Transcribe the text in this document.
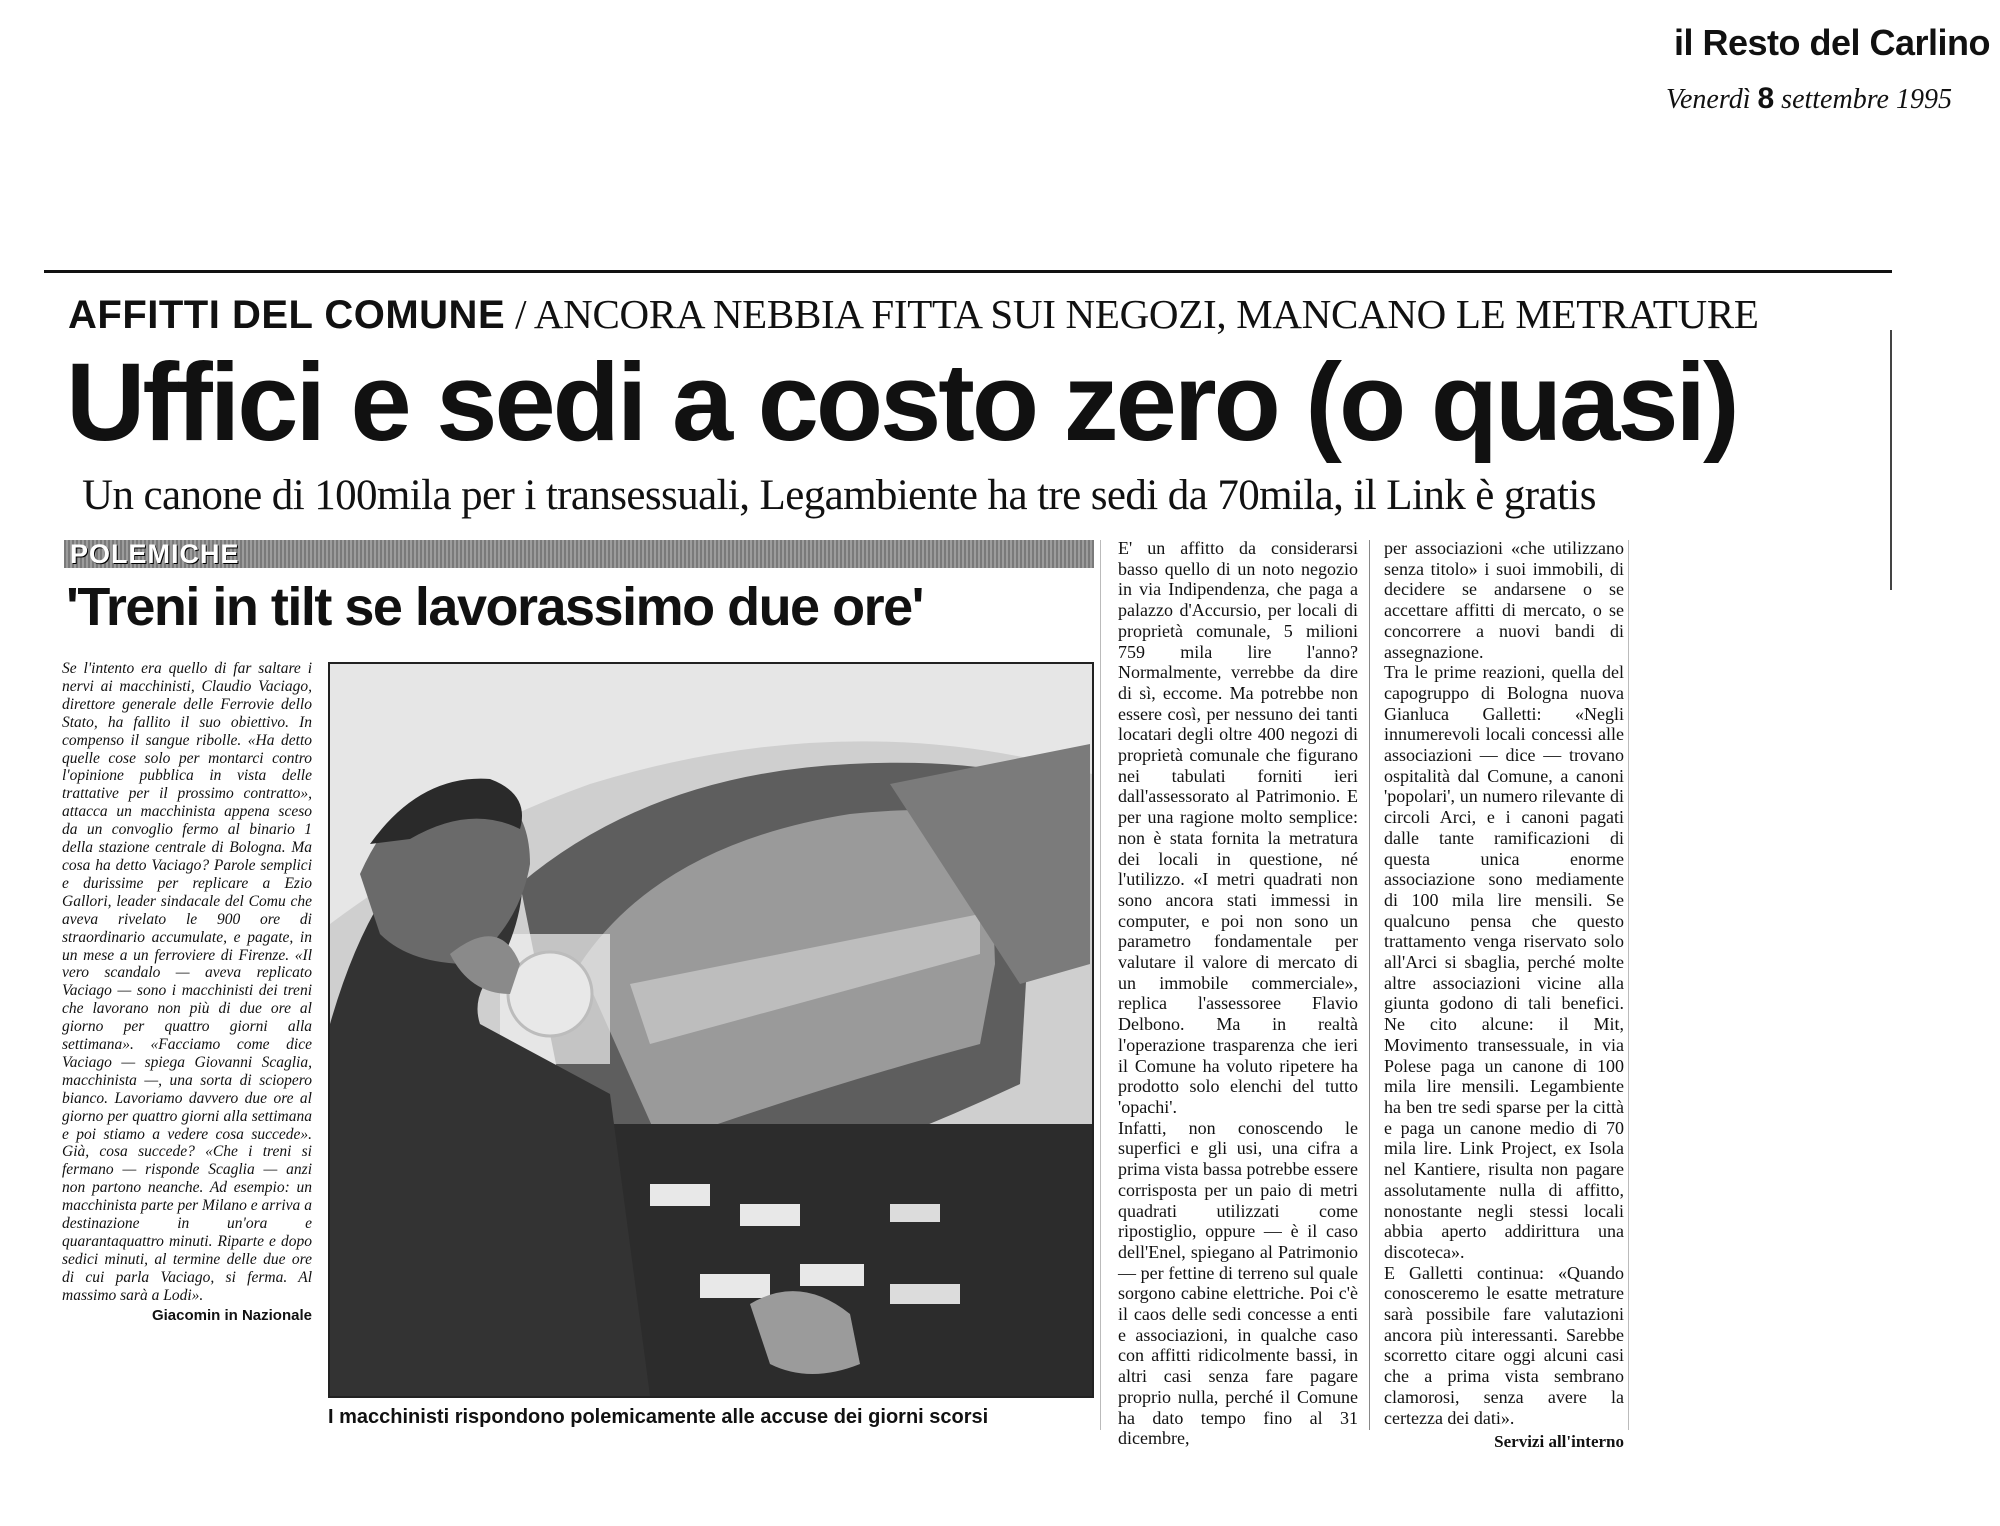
il Resto del Carlino
Venerdì 8 settembre 1995
AFFITTI DEL COMUNE / ANCORA NEBBIA FITTA SUI NEGOZI, MANCANO LE METRATURE
Uffici e sedi a costo zero (o quasi)
Un canone di 100mila per i transessuali, Legambiente ha tre sedi da 70mila, il Link è gratis
POLEMICHE
'Treni in tilt se lavorassimo due ore'
Se l'intento era quello di far saltare i nervi ai macchinisti, Claudio Vaciago, direttore generale delle Ferrovie dello Stato, ha fallito il suo obiettivo. In compenso il sangue ribolle. «Ha detto quelle cose solo per montarci contro l'opinione pubblica in vista delle trattative per il prossimo contratto», attacca un macchinista appena sceso da un convoglio fermo al binario 1 della stazione centrale di Bologna. Ma cosa ha detto Vaciago? Parole semplici e durissime per replicare a Ezio Gallori, leader sindacale del Comu che aveva rivelato le 900 ore di straordinario accumulate, e pagate, in un mese a un ferroviere di Firenze. «Il vero scandalo — aveva replicato Vaciago — sono i macchinisti dei treni che lavorano non più di due ore al giorno per quattro giorni alla settimana». «Facciamo come dice Vaciago — spiega Giovanni Scaglia, macchinista —, una sorta di sciopero bianco. Lavoriamo davvero due ore al giorno per quattro giorni alla settimana e poi stiamo a vedere cosa succede». Già, cosa succede? «Che i treni si fermano — risponde Scaglia — anzi non partono neanche. Ad esempio: un macchinista parte per Milano e arriva a destinazione in un'ora e quarantaquattro minuti. Riparte e dopo sedici minuti, al termine delle due ore di cui parla Vaciago, si ferma. Al massimo sarà a Lodi».
Giacomin in Nazionale
I macchinisti rispondono polemicamente alle accuse dei giorni scorsi

E' un affitto da considerarsi basso quello di un noto negozio in via Indipendenza, che paga a palazzo d'Accursio, per locali di proprietà comunale, 5 milioni 759 mila lire l'anno? Normalmente, verrebbe da dire di sì, eccome. Ma potrebbe non essere così, per nessuno dei tanti locatari degli oltre 400 negozi di proprietà comunale che figurano nei tabulati forniti ieri dall'assessorato al Patrimonio. E per una ragione molto semplice: non è stata fornita la metratura dei locali in questione, né l'utilizzo. «I metri quadrati non sono ancora stati immessi in computer, e poi non sono un parametro fondamentale per valutare il valore di mercato di un immobile commerciale», replica l'assessoree Flavio Delbono. Ma in realtà l'operazione trasparenza che ieri il Comune ha voluto ripetere ha prodotto solo elenchi del tutto 'opachi'.

Infatti, non conoscendo le superfici e gli usi, una cifra a prima vista bassa potrebbe essere corrisposta per un paio di metri quadrati utilizzati come ripostiglio, oppure — è il caso dell'Enel, spiegano al Patrimonio — per fettine di terreno sul quale sorgono cabine elettriche. Poi c'è il caos delle sedi concesse a enti e associazioni, in qualche caso con affitti ridicolmente bassi, in altri casi senza fare pagare proprio nulla, perché il Comune ha dato tempo fino al 31 dicembre,

per associazioni «che utilizzano senza titolo» i suoi immobili, di decidere se andarsene o se accettare affitti di mercato, o se concorrere a nuovi bandi di assegnazione.

Tra le prime reazioni, quella del capogruppo di Bologna nuova Gianluca Galletti: «Negli innumerevoli locali concessi alle associazioni — dice — trovano ospitalità dal Comune, a canoni 'popolari', un numero rilevante di circoli Arci, e i canoni pagati dalle tante ramificazioni di questa unica enorme associazione sono mediamente di 100 mila lire mensili. Se qualcuno pensa che questo trattamento venga riservato solo all'Arci si sbaglia, perché molte altre associazioni vicine alla giunta godono di tali benefici. Ne cito alcune: il Mit, Movimento transessuale, in via Polese paga un canone di 100 mila lire mensili. Legambiente ha ben tre sedi sparse per la città e paga un canone medio di 70 mila lire. Link Project, ex Isola nel Kantiere, risulta non pagare assolutamente nulla di affitto, nonostante negli stessi locali abbia aperto addirittura una discoteca».

E Galletti continua: «Quando conosceremo le esatte metrature sarà possibile fare valutazioni ancora più interessanti. Sarebbe scorretto citare oggi alcuni casi che a prima vista sembrano clamorosi, senza avere la certezza dei dati».

Servizi all'interno
